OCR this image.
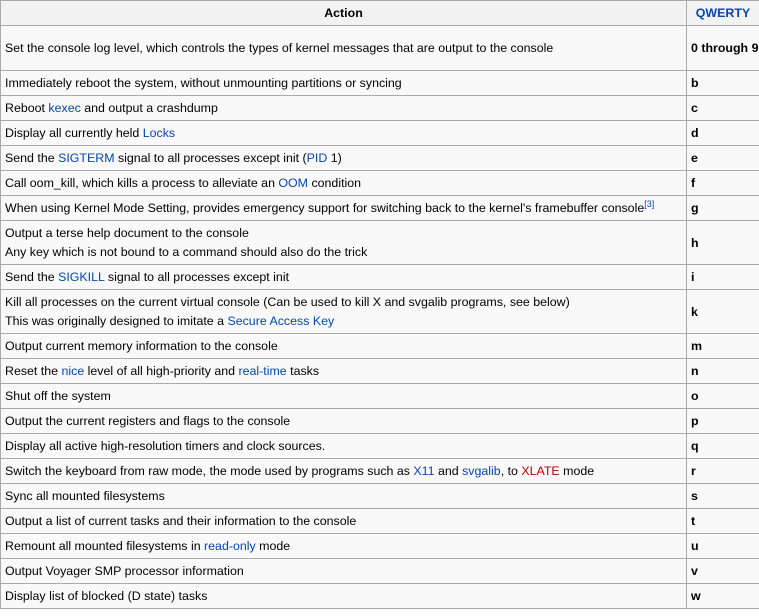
Action	QWERTY
Set the console log level, which controls the types of kernel messages that are output to the console	0 through 9
Immediately reboot the system, without unmounting partitions or syncing	b
Reboot kexec and output a crashdump	c
Display all currently held Locks	d
Send the SIGTERM signal to all processes except init (PID 1)	e
Call oom_kill, which kills a process to alleviate an OOM condition	f
When using Kernel Mode Setting, provides emergency support for switching back to the kernel's framebuffer console[3]	g
Output a terse help document to the console
Any key which is not bound to a command should also do the trick	h
Send the SIGKILL signal to all processes except init	i
Kill all processes on the current virtual console (Can be used to kill X and svgalib programs, see below)
This was originally designed to imitate a Secure Access Key	k
Output current memory information to the console	m
Reset the nice level of all high-priority and real-time tasks	n
Shut off the system	o
Output the current registers and flags to the console	p
Display all active high-resolution timers and clock sources.	q
Switch the keyboard from raw mode, the mode used by programs such as X11 and svgalib, to XLATE mode	r
Sync all mounted filesystems	s
Output a list of current tasks and their information to the console	t
Remount all mounted filesystems in read-only mode	u
Output Voyager SMP processor information	v
Display list of blocked (D state) tasks	w
